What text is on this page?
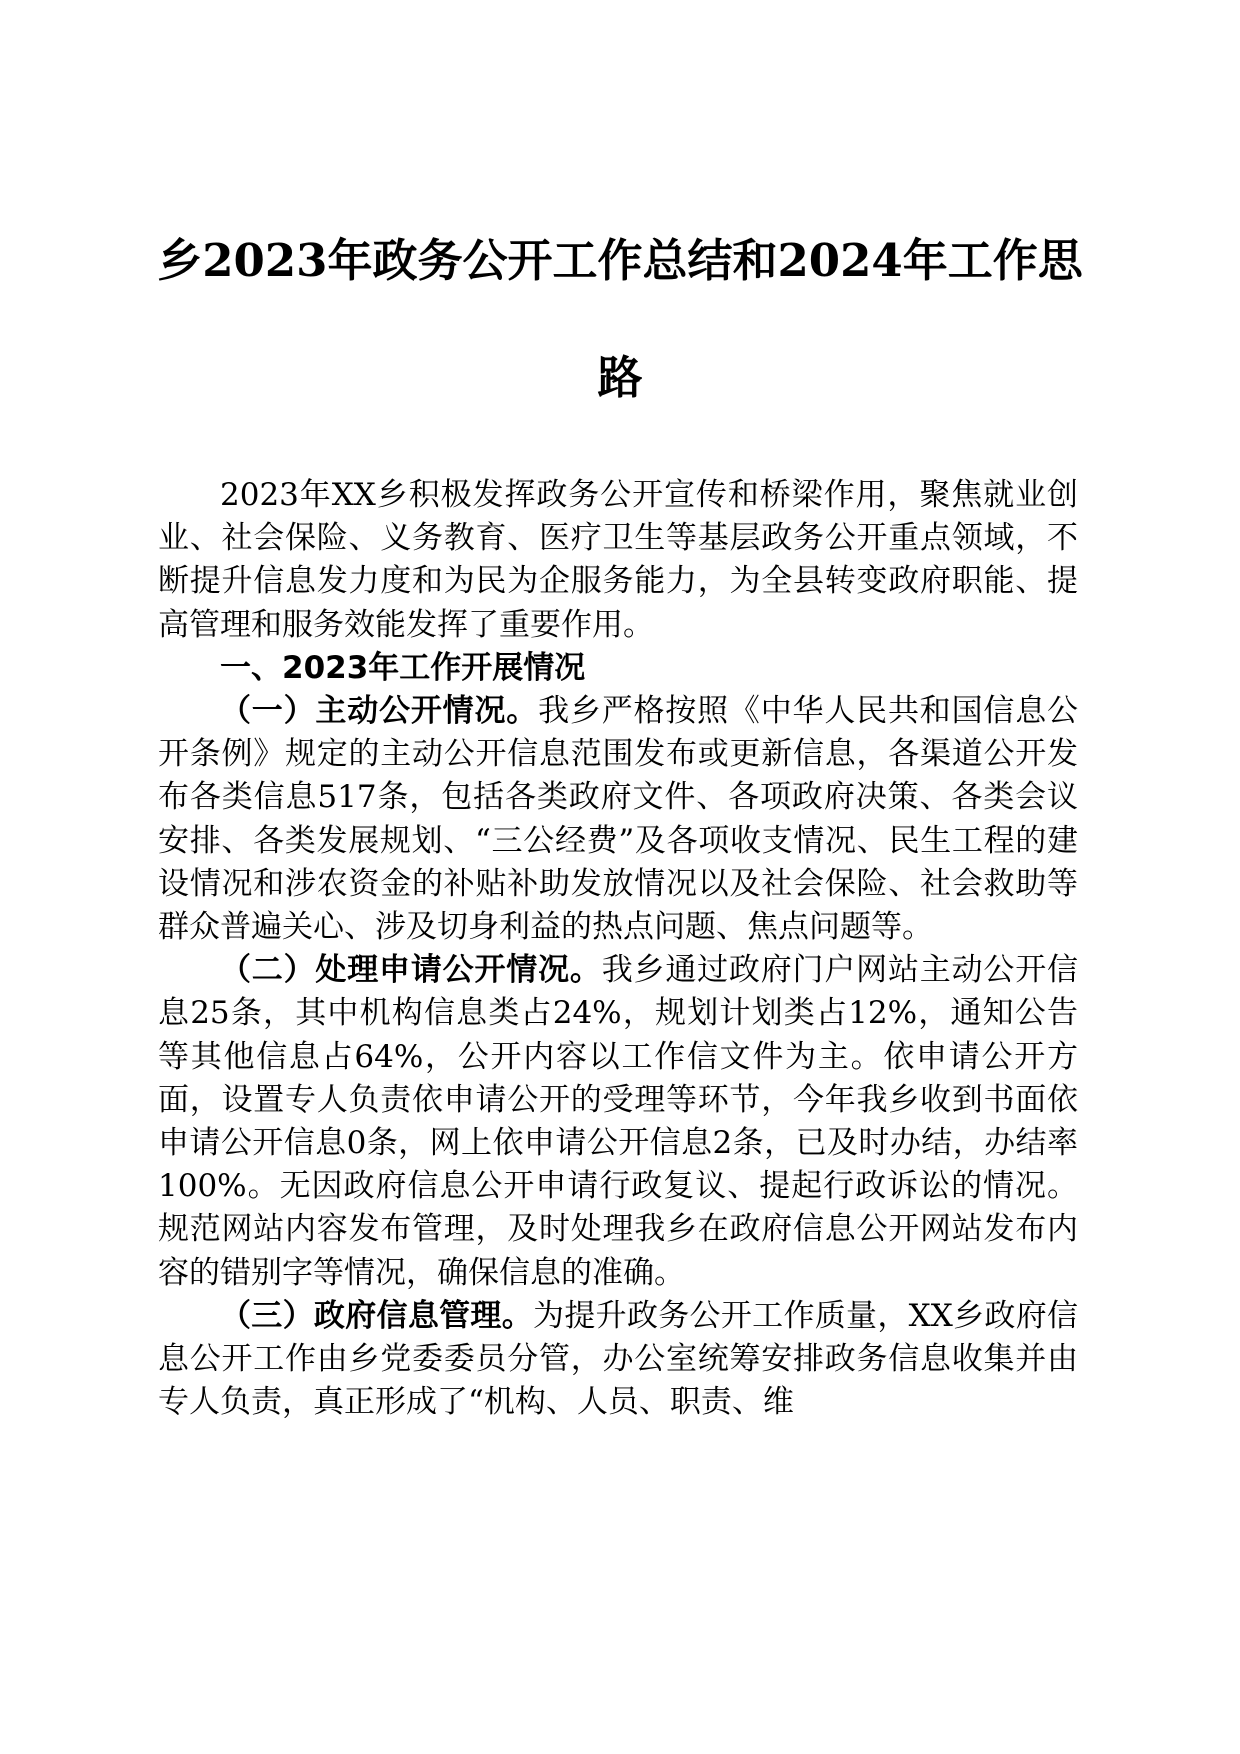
乡2023年政务公开工作总结和2024年工作思
路

2023年XX乡积极发挥政务公开宣传和桥梁作用，聚焦就业创业、社会保险、义务教育、医疗卫生等基层政务公开重点领域，不断提升信息发力度和为民为企服务能力，为全县转变政府职能、提高管理和服务效能发挥了重要作用。

一、2023年工作开展情况

（一）主动公开情况。我乡严格按照《中华人民共和国信息公开条例》规定的主动公开信息范围发布或更新信息，各渠道公开发布各类信息517条，包括各类政府文件、各项政府决策、各类会议安排、各类发展规划、“三公经费”及各项收支情况、民生工程的建设情况和涉农资金的补贴补助发放情况以及社会保险、社会救助等群众普遍关心、涉及切身利益的热点问题、焦点问题等。

（二）处理申请公开情况。我乡通过政府门户网站主动公开信息25条，其中机构信息类占24%，规划计划类占12%，通知公告等其他信息占64%，公开内容以工作信文件为主。依申请公开方面，设置专人负责依申请公开的受理等环节，今年我乡收到书面依申请公开信息0条，网上依申请公开信息2条，已及时办结，办结率100%。无因政府信息公开申请行政复议、提起行政诉讼的情况。规范网站内容发布管理，及时处理我乡在政府信息公开网站发布内容的错别字等情况，确保信息的准确。

（三）政府信息管理。为提升政务公开工作质量，XX乡政府信息公开工作由乡党委委员分管，办公室统筹安排政务信息收集并由专人负责，真正形成了“机构、人员、职责、维
